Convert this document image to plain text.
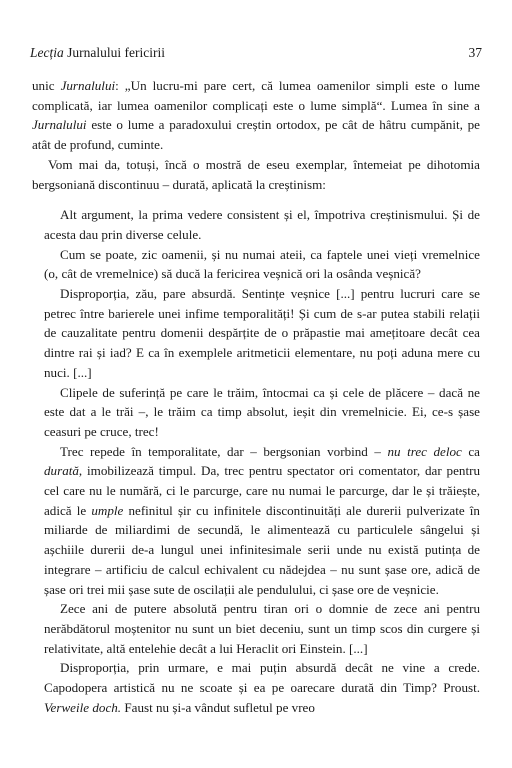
Lecția Jurnalului fericirii	37

unic Jurnalului: „Un lucru-mi pare cert, că lumea oamenilor simpli este o lume complicată, iar lumea oamenilor complicați este o lume simplă“. Lumea în sine a Jurnalului este o lume a paradoxului creștin ortodox, pe cât de hâtru cumpănit, pe atât de profund, cuminte.

Vom mai da, totuși, încă o mostră de eseu exemplar, întemeiat pe dihotomia bergsoniană discontinuu – durată, aplicată la creștinism:

Alt argument, la prima vedere consistent și el, împotriva creștinismului. Și de acesta dau prin diverse celule.

Cum se poate, zic oamenii, și nu numai ateii, ca faptele unei vieți vremelnice (o, cât de vremelnice) să ducă la fericirea veșnică ori la osânda veșnică?

Disproporția, zău, pare absurdă. Sentințe veșnice [...] pentru lucruri care se petrec între barierele unei infime temporalități! Și cum de s-ar putea stabili relații de cauzalitate pentru domenii despărțite de o prăpastie mai amețitoare decât cea dintre rai și iad? E ca în exemplele aritmeticii elementare, nu poți aduna mere cu nuci. [...]

Clipele de suferință pe care le trăim, întocmai ca și cele de plăcere – dacă ne este dat a le trăi –, le trăim ca timp absolut, ieșit din vremelnicie. Ei, ce-s șase ceasuri pe cruce, trec!

Trec repede în temporalitate, dar – bergsonian vorbind – nu trec deloc ca durată, imobilizează timpul. Da, trec pentru spectator ori comentator, dar pentru cel care nu le numără, ci le parcurge, care nu numai le parcurge, dar le și trăiește, adică le umple nefinitul șir cu infinitele discontinuități ale durerii pulverizate în miliarde de miliardimi de secundă, le alimentează cu particulele sângelui și așchiile durerii de-a lungul unei infinitesimale serii unde nu există putința de integrare – artificiu de calcul echivalent cu nădejdea – nu sunt șase ore, adică de șase ori trei mii șase sute de oscilații ale pendulului, ci șase ore de veșnicie.

Zece ani de putere absolută pentru tiran ori o domnie de zece ani pentru nerăbdătorul moștenitor nu sunt un biet deceniu, sunt un timp scos din curgere și relativitate, altă entelehie decât a lui Heraclit ori Einstein. [...]

Disproporția, prin urmare, e mai puțin absurdă decât ne vine a crede. Capodopera artistică nu ne scoate și ea pe oarecare durată din Timp? Proust. Verweile doch. Faust nu și-a vândut sufletul pe vreo
